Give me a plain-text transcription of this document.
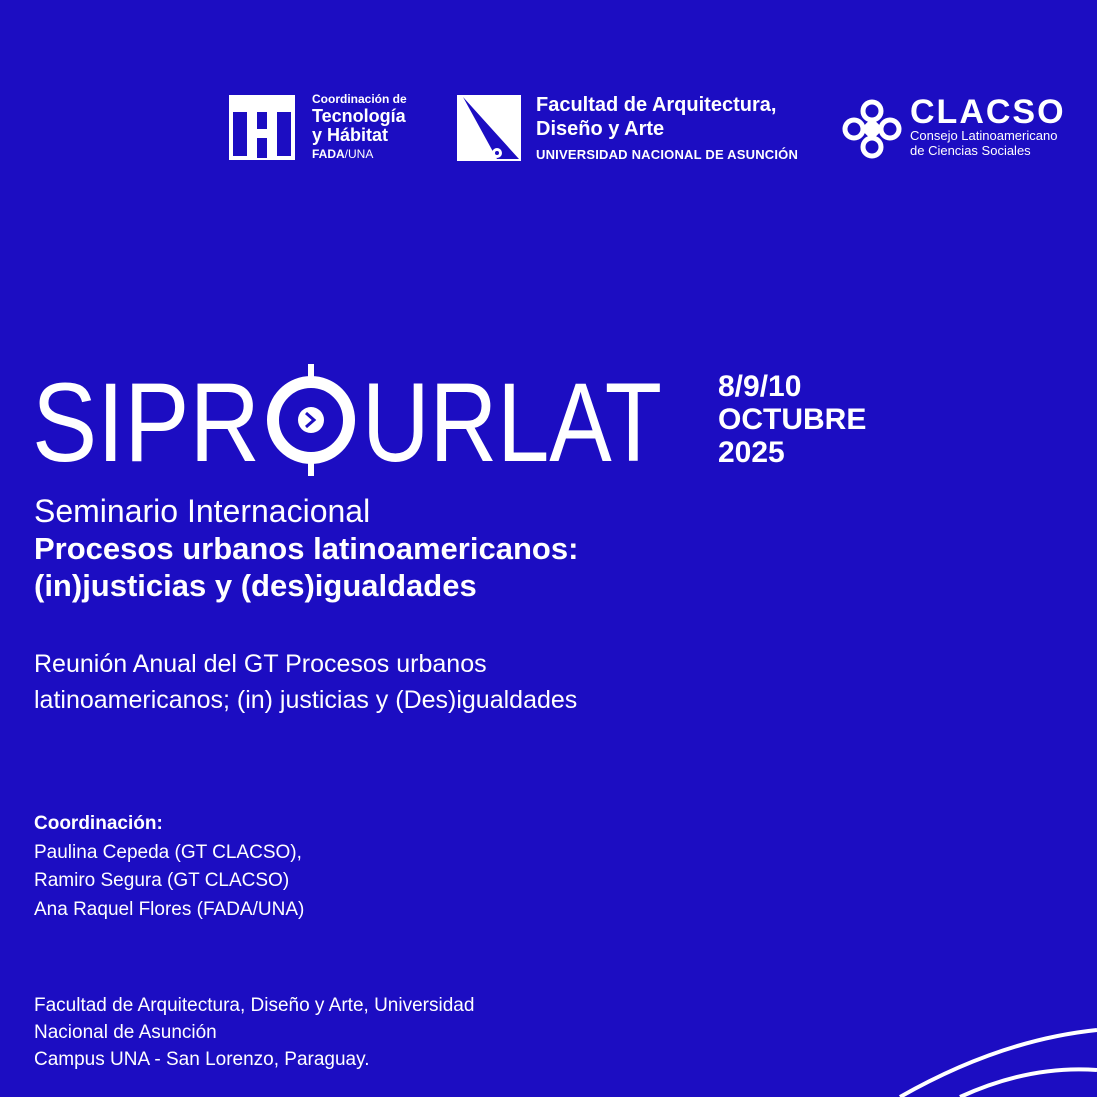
Coordinación de
Tecnología
y Hábitat
FADA/UNA
Facultad de Arquitectura,
Diseño y Arte
UNIVERSIDAD NACIONAL DE ASUNCIÓN
CLACSO
Consejo Latinoamericano
de Ciencias Sociales
SIPR URLAT 8/9/10
OCTUBRE
2025
Seminario Internacional
Procesos urbanos latinoamericanos:
(in)justicias y (des)igualdades
Reunión Anual del GT Procesos urbanos
latinoamericanos; (in) justicias y (Des)igualdades
Coordinación:
Paulina Cepeda (GT CLACSO),
Ramiro Segura (GT CLACSO)
Ana Raquel Flores (FADA/UNA)
Facultad de Arquitectura, Diseño y Arte, Universidad
Nacional de Asunción
Campus UNA - San Lorenzo, Paraguay.
